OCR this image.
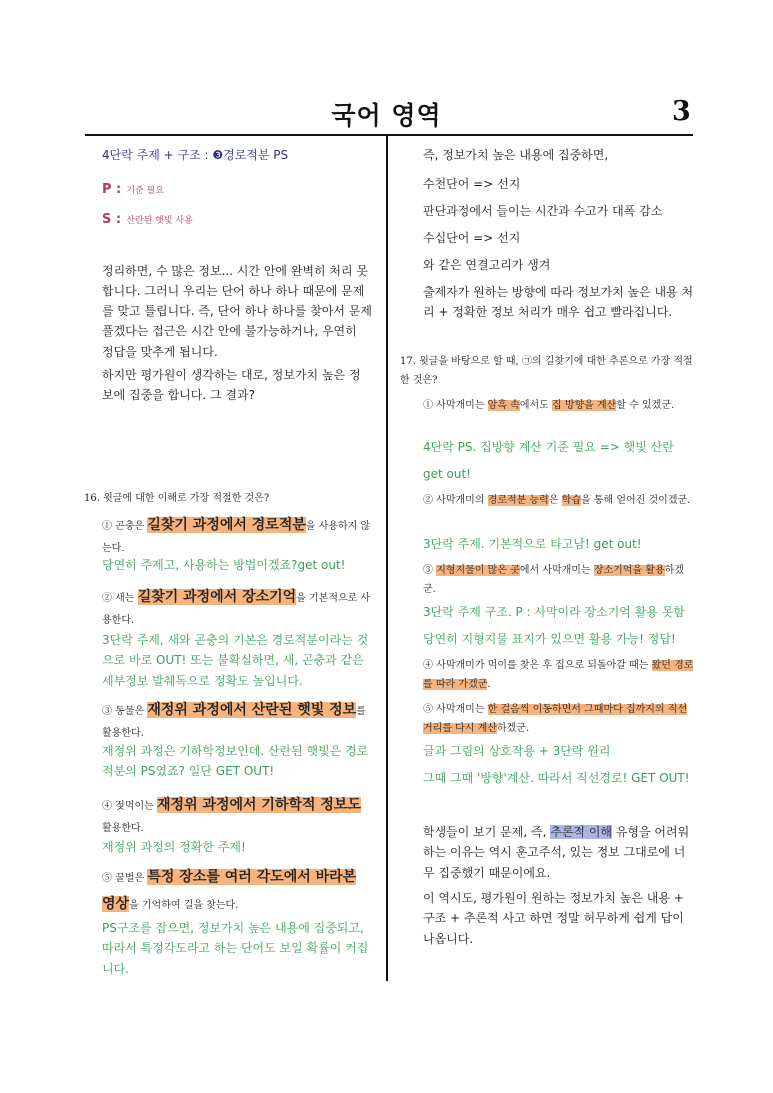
국어 영역	3
4단락 주제 + 구조 : ❸경로적분 PS
P : 기준 필요
S : 산란된 햇빛 사용

정리하면, 수 많은 정보... 시간 안에 완벽히 처리 못합니다. 그러니 우리는 단어 하나 하나 때문에 문제를 맞고 틀립니다. 즉, 단어 하나 하나를 찾아서 문제 풀겠다는 접근은 시간 안에 불가능하거나, 우연히 정답을 맞추게 됩니다.

하지만 평가원이 생각하는 대로, 정보가치 높은 정보에 집중을 합니다. 그 결과?

16. 윗글에 대한 이해로 가장 적절한 것은?

① 곤충은 길찾기 과정에서 경로적분을 사용하지 않는다.

당연히 주제고, 사용하는 방법이겠죠?get out!

② 새는 길찾기 과정에서 장소기억을 기본적으로 사용한다.

3단락 주제, 새와 곤충의 기본은 경로적분이라는 것으로 바로 OUT! 또는 불확실하면, 새, 곤충과 같은 세부정보 발췌독으로 정확도 높입니다.

③ 동물은 재정위 과정에서 산란된 햇빛 정보를 활용한다.

재정위 과정은 기하학정보인데. 산란된 햇빛은 경로적분의 PS였죠? 일단 GET OUT!

④ 젖먹이는 재정위 과정에서 기하학적 정보도 활용한다.

재정위 과정의 정확한 주제!

⑤ 꿀벌은 특정 장소를 여러 각도에서 바라본 영상을 기억하여 길을 찾는다.

PS구조를 잡으면, 정보가치 높은 내용에 집중되고, 따라서 특정각도라고 하는 단어도 보일 확률이 커집니다.

즉, 정보가치 높은 내용에 집중하면,
수천단어 => 선지
판단과정에서 들이는 시간과 수고가 대폭 감소
수십단어 => 선지
와 같은 연결고리가 생겨

출제자가 원하는 방향에 따라 정보가치 높은 내용 처리 + 정확한 정보 처리가 매우 쉽고 빨라집니다.

17. 윗글을 바탕으로 할 때, ㉠의 길찾기에 대한 추론으로 가장 적절한 것은?

① 사막개미는 암흑 속에서도 집 방향을 계산할 수 있겠군.

4단락 PS. 집방향 계산 기준 필요 => 햇빛 산란
get out!

② 사막개미의 경로적분 능력은 학습을 통해 얻어진 것이겠군.

3단락 주제. 기본적으로 타고남! get out!

③ 지형지물이 많은 곳에서 사막개미는 장소기억을 활용하겠군.

3단락 주제 구조. P : 사막이라 장소기억 활용 못함
당연히 지형지물 표지가 있으면 활용 가능! 정답!

④ 사막개미가 먹이를 찾은 후 집으로 되돌아갈 때는 왔던 경로를 따라 가겠군.

⑤ 사막개미는 한 걸음씩 이동하면서 그때마다 집까지의 직선거리를 다시 계산하겠군.

글과 그림의 상호작용 + 3단락 원리
그때 그때 '방향'계산. 따라서 직선경로! GET OUT!

학생들이 보기 문제, 즉, 추론적 이해 유형을 어려워하는 이유는 역시 훈고주석, 있는 정보 그대로에 너무 집중했기 때문이에요.

이 역시도, 평가원이 원하는 정보가치 높은 내용 + 구조 + 추론적 사고 하면 정말 허무하게 쉽게 답이 나옵니다.
